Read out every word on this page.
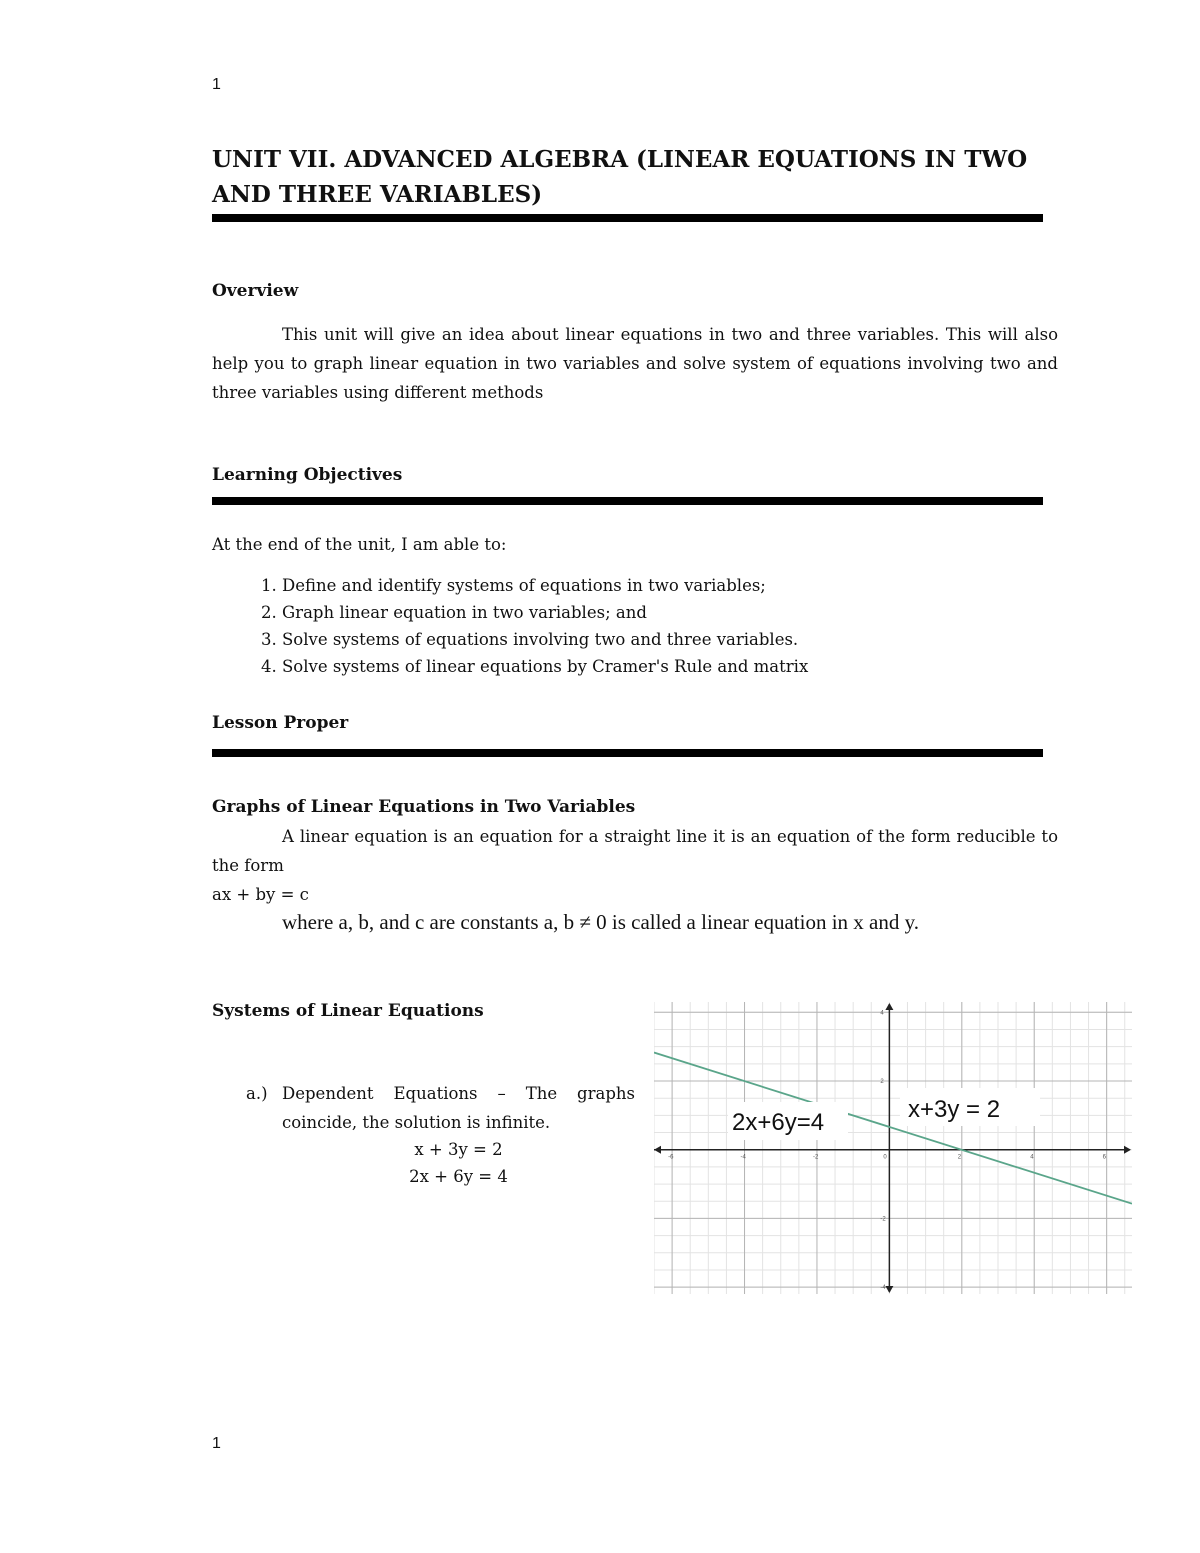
1
UNIT VII. ADVANCED ALGEBRA (LINEAR EQUATIONS IN TWO AND THREE VARIABLES)
Overview
This unit will give an idea about linear equations in two and three variables. This will also help you to graph linear equation in two variables and solve system of equations involving two and three variables using different methods
Learning Objectives
At the end of the unit, I am able to:
1. Define and identify systems of equations in two variables;
2. Graph linear equation in two variables; and
3. Solve systems of equations involving two and three variables.
4. Solve systems of linear equations by Cramer's Rule and matrix
Lesson Proper
Graphs of Linear Equations in Two Variables
A linear equation is an equation for a straight line it is an equation of the form reducible to the form
ax + by = c
where a, b, and c are constants a, b ≠ 0 is called a linear equation in x and y.
Systems of Linear Equations
a.) Dependent Equations – The graphs coincide, the solution is infinite.
x + 3y = 2
2x + 6y = 4
-6	-4	-2	0	2	4	6
4
2
-2
-4
2x+6y=4	x+3y = 2
1
